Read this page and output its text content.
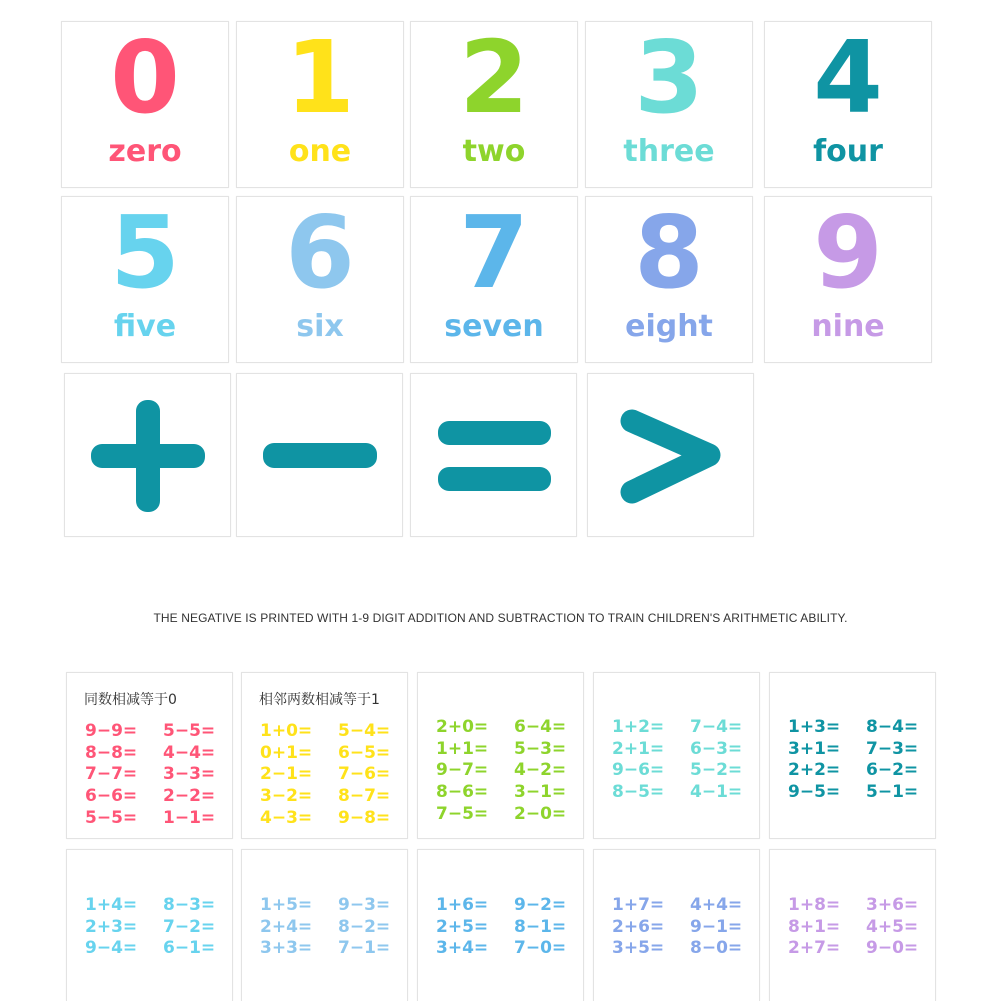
0
zero
1
one
2
two
3
three
4
four
5
five
6
six
7
seven
8
eight
9
nine
THE NEGATIVE IS PRINTED WITH 1-9 DIGIT ADDITION AND SUBTRACTION TO TRAIN CHILDREN'S ARITHMETIC ABILITY.
同数相减等于0
9−9=
8−8=
7−7=
6−6=
5−5=
5−5=
4−4=
3−3=
2−2=
1−1=
相邻两数相减等于1
1+0=
0+1=
2−1=
3−2=
4−3=
5−4=
6−5=
7−6=
8−7=
9−8=
2+0=
1+1=
9−7=
8−6=
7−5=
6−4=
5−3=
4−2=
3−1=
2−0=
1+2=
2+1=
9−6=
8−5=
7−4=
6−3=
5−2=
4−1=
1+3=
3+1=
2+2=
9−5=
8−4=
7−3=
6−2=
5−1=
1+4=
2+3=
9−4=
8−3=
7−2=
6−1=
1+5=
2+4=
3+3=
9−3=
8−2=
7−1=
1+6=
2+5=
3+4=
9−2=
8−1=
7−0=
1+7=
2+6=
3+5=
4+4=
9−1=
8−0=
1+8=
8+1=
2+7=
3+6=
4+5=
9−0=
